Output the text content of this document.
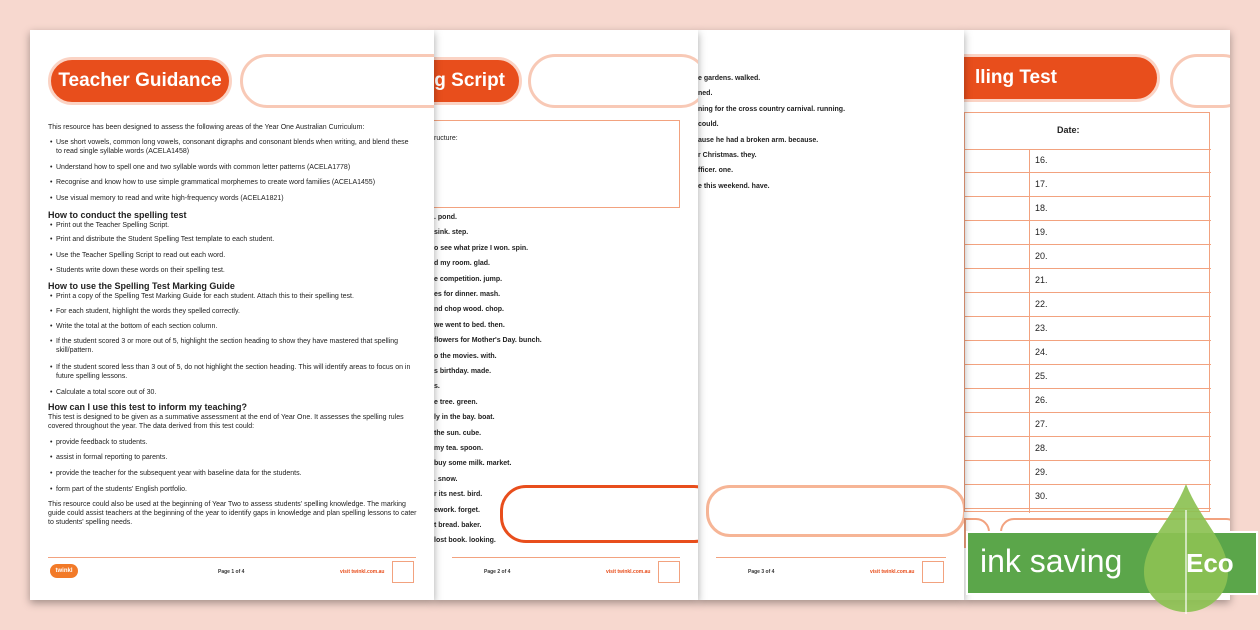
Teacher Guidance
This resource has been designed to assess the following areas of the Year One Australian Curriculum:
• Use short vowels, common long vowels, consonant digraphs and consonant blends when writing, and blend these to read single syllable words (ACELA1458)
• Understand how to spell one and two syllable words with common letter patterns (ACELA1778)
• Recognise and know how to use simple grammatical morphemes to create word families (ACELA1455)
• Use visual memory to read and write high-frequency words (ACELA1821)
How to conduct the spelling test
• Print out the Teacher Spelling Script.
• Print and distribute the Student Spelling Test template to each student.
• Use the Teacher Spelling Script to read out each word.
• Students write down these words on their spelling test.
How to use the Spelling Test Marking Guide
• Print a copy of the Spelling Test Marking Guide for each student. Attach this to their spelling test.
• For each student, highlight the words they spelled correctly.
• Write the total at the bottom of each section column.
• If the student scored 3 or more out of 5, highlight the section heading to show they have mastered that spelling skill/pattern.
• If the student scored less than 3 out of 5, do not highlight the section heading. This will identify areas to focus on in future spelling lessons.
• Calculate a total score out of 30.
How can I use this test to inform my teaching?
This test is designed to be given as a summative assessment at the end of Year One. It assesses the spelling rules covered throughout the year. The data derived from this test could:
• provide feedback to students.
• assist in formal reporting to parents.
• provide the teacher for the subsequent year with baseline data for the students.
• form part of the students' English portfolio.
This resource could also be used at the beginning of Year Two to assess students' spelling knowledge. The marking guide could assist teachers at the beginning of the year to identify gaps in knowledge and plan spelling lessons to cater to students' spelling needs.
twinkl	Page 1 of 4	visit twinkl.com.au
g Script
ructure:
. pond.
sink. step.
o see what prize I won. spin.
d my room. glad.
e competition. jump.
es for dinner. mash.
nd chop wood. chop.
we went to bed. then.
flowers for Mother's Day. bunch.
o the movies. with.
s birthday. made.
s.
e tree. green.
ly in the bay. boat.
the sun. cube.
my tea. spoon.
buy some milk. market.
. snow.
r its nest. bird.
ework. forget.
t bread. baker.
lost book. looking.
Page 2 of 4	visit twinkl.com.au
e gardens. walked.
ned.
ning for the cross country carnival. running.
could.
ause he had a broken arm. because.
r Christmas. they.
fficer. one.
e this weekend. have.
Page 3 of 4	visit twinkl.com.au
lling Test
Date:
16.
17.
18.
19.
20.
21.
22.
23.
24.
25.
26.
27.
28.
29.
30.
ink saving Eco
